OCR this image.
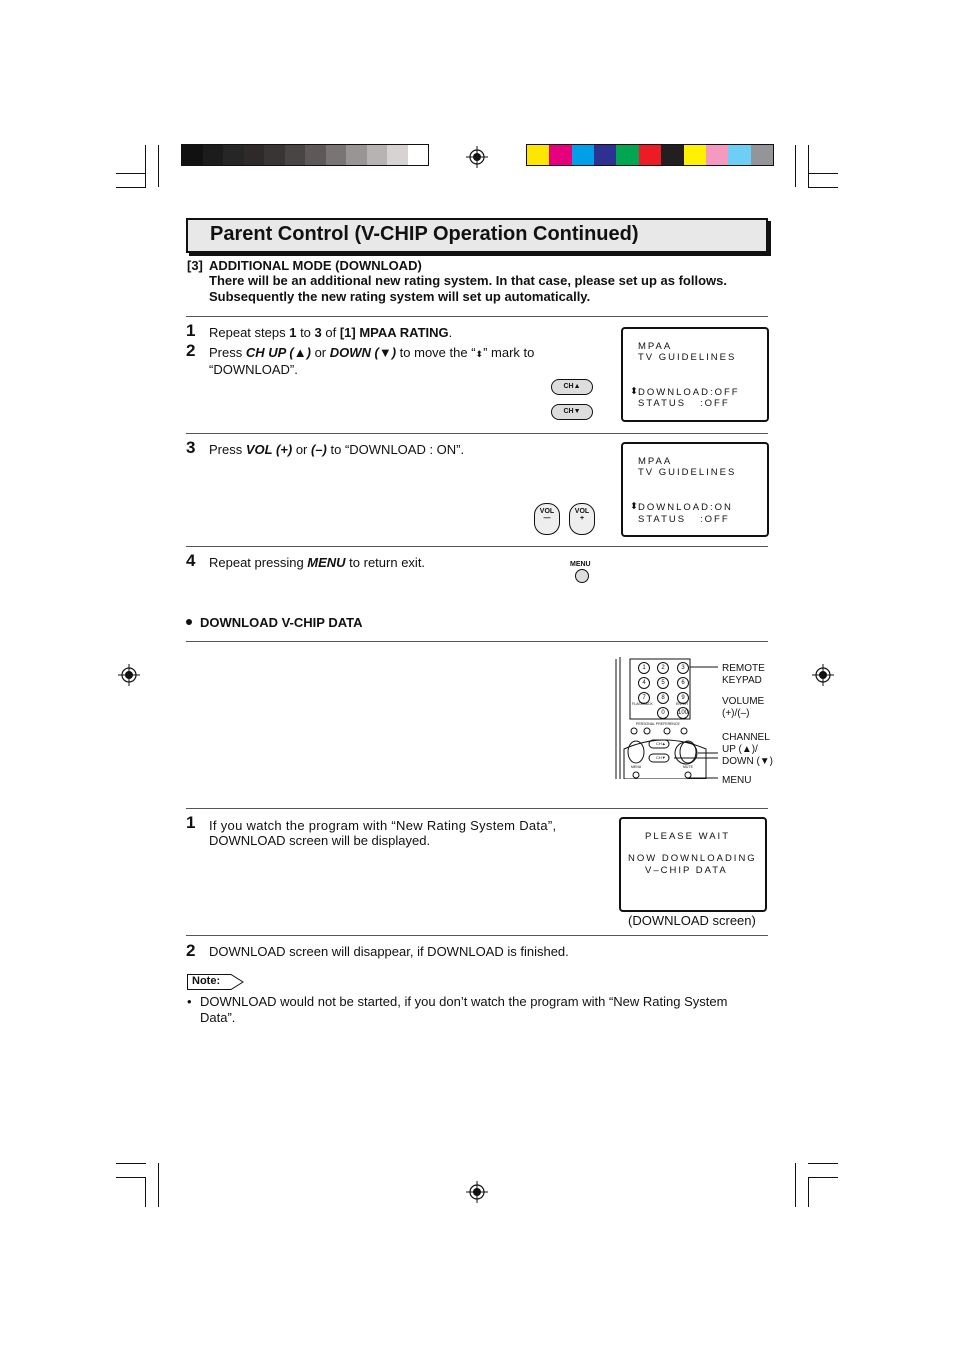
Parent Control (V-CHIP Operation Continued)
[3] ADDITIONAL MODE (DOWNLOAD)
There will be an additional new rating system. In that case, please set up as follows.
Subsequently the new rating system will set up automatically.
1 Repeat steps 1 to 3 of [1] MPAA RATING.
2 Press CH UP (▲) or DOWN (▼) to move the “⬍” mark to
“DOWNLOAD”.
CH▲
CH▼
MPAA
TV GUIDELINES
⬍ DOWNLOAD:OFF
STATUS   :OFF
3 Press VOL (+) or (–) to “DOWNLOAD : ON”.
VOL
—
VOL
+
MPAA
TV GUIDELINES
⬍ DOWNLOAD:ON
STATUS   :OFF
4 Repeat pressing MENU to return exit.	MENU
DOWNLOAD V-CHIP DATA
1	2	3
4	5	6
7	8	9
0	100
FLASHBACK	ENTER
PERSONAL PREFERENCE
MENU	MUTE
CH▲
CH▼
REMOTE
KEYPAD
VOLUME
(+)/(–)
CHANNEL
UP (▲)/
DOWN (▼)
MENU
1 If you watch the program with “New Rating System Data”,
DOWNLOAD screen will be displayed.	PLEASE WAIT
NOW DOWNLOADING
V–CHIP DATA
(DOWNLOAD screen)
2 DOWNLOAD screen will disappear, if DOWNLOAD is finished.
Note:
• DOWNLOAD would not be started, if you don’t watch the program with “New Rating System
Data”.
